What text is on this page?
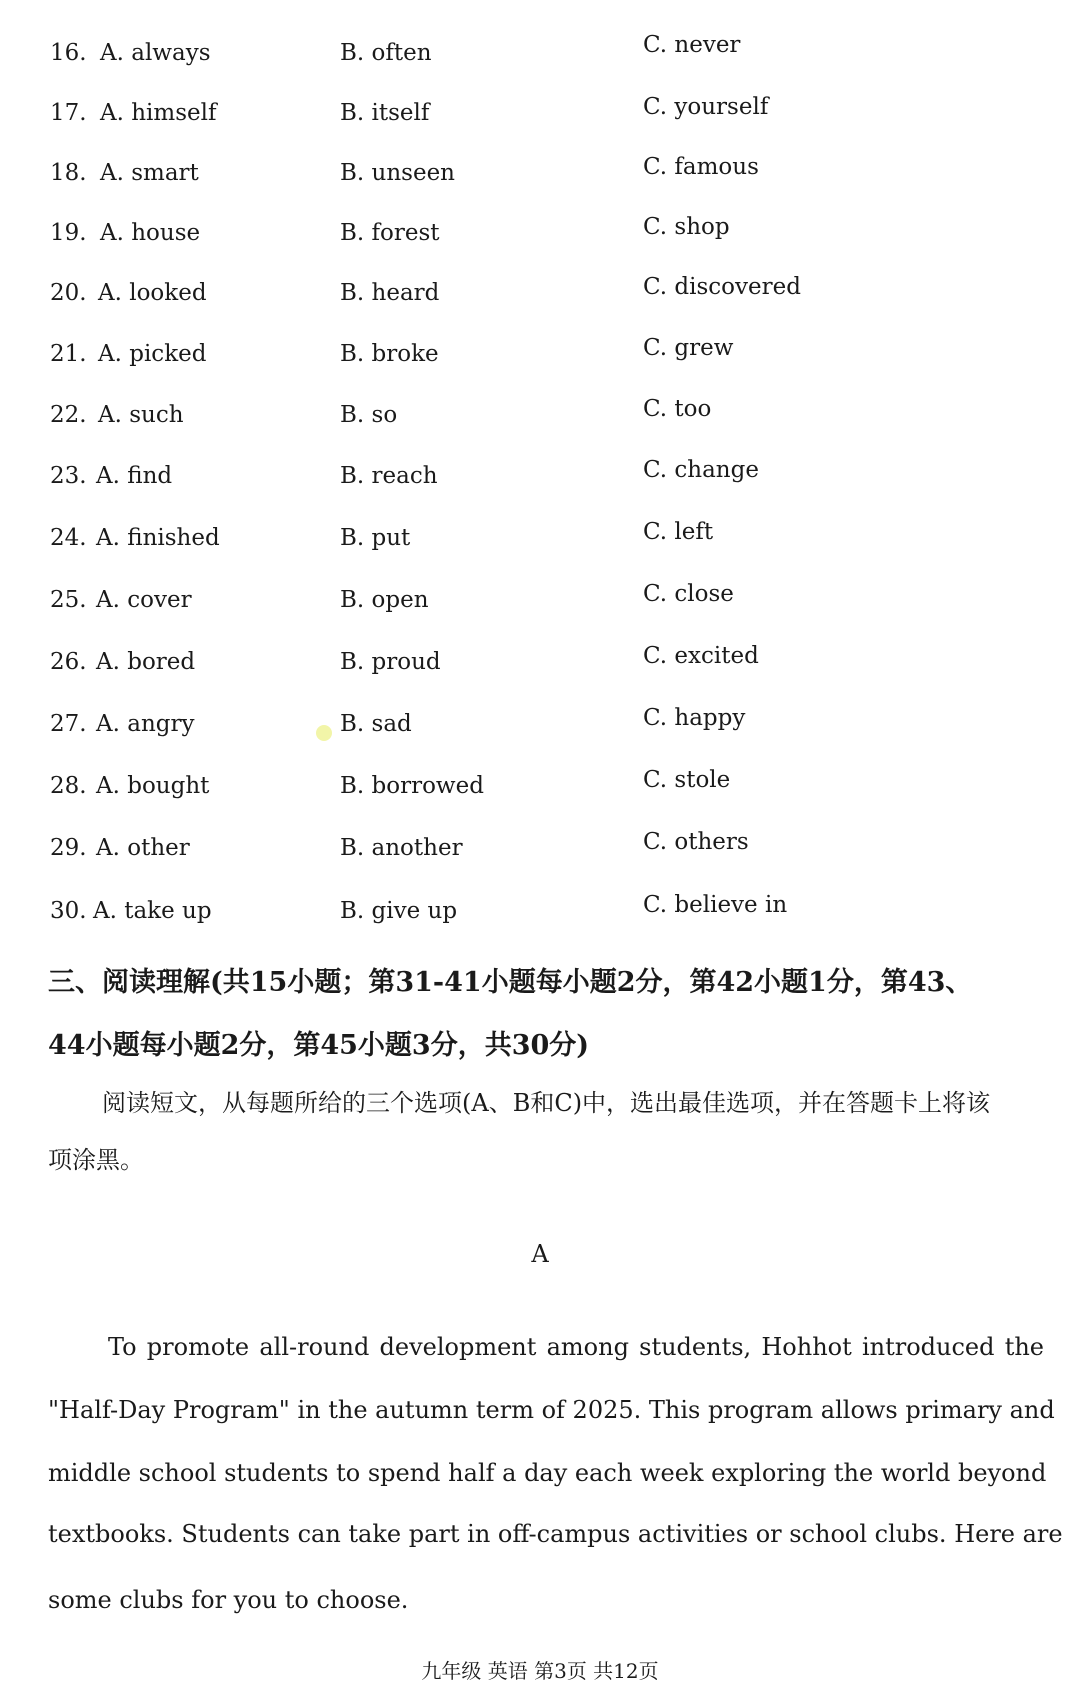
16. A. always	B. often	C. never
17. A. himself	B. itself	C. yourself
18. A. smart	B. unseen	C. famous
19. A. house	B. forest	C. shop
20. A. looked	B. heard	C. discovered
21. A. picked	B. broke	C. grew
22. A. such	B. so	C. too
23. A. find	B. reach	C. change
24. A. finished	B. put	C. left
25. A. cover	B. open	C. close
26. A. bored	B. proud	C. excited
27. A. angry	B. sad	C. happy
28. A. bought	B. borrowed	C. stole
29. A. other	B. another	C. others
30. A. take up	B. give up	C. believe in
三、阅读理解(共15小题；第31-41小题每小题2分，第42小题1分，第43、
44小题每小题2分，第45小题3分，共30分)
阅读短文，从每题所给的三个选项(A、B和C)中，选出最佳选项，并在答题卡上将该
项涂黑。
A
To promote all-round development among students, Hohhot introduced the
"Half-Day Program" in the autumn term of 2025. This program allows primary and
middle school students to spend half a day each week exploring the world beyond
textbooks. Students can take part in off-campus activities or school clubs. Here are
some clubs for you to choose.
九年级 英语 第3页 共12页
